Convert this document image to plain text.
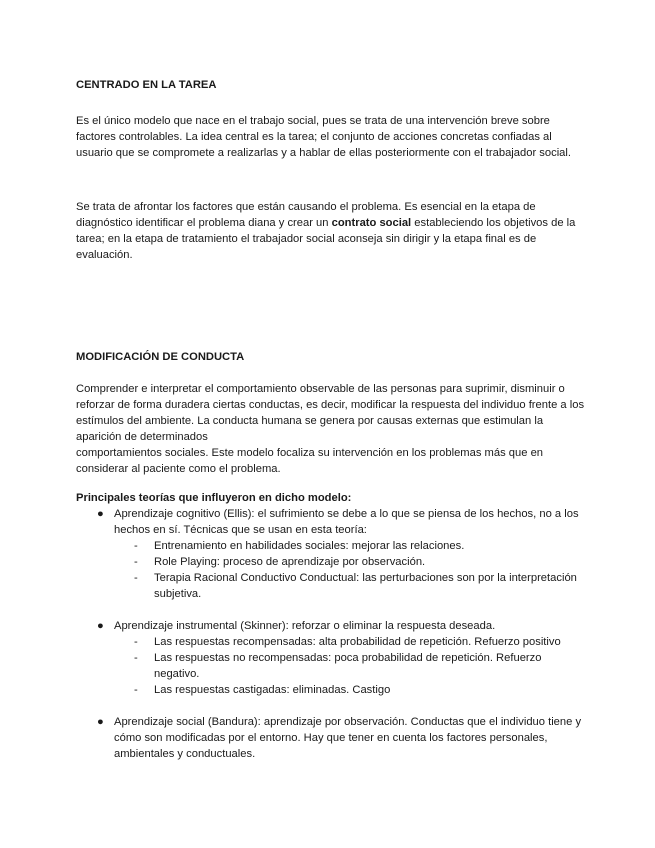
CENTRADO EN LA TAREA

Es el único modelo que nace en el trabajo social, pues se trata de una intervención breve sobre factores controlables. La idea central es la tarea; el conjunto de acciones concretas confiadas al usuario que se compromete a realizarlas y a hablar de ellas posteriormente con el trabajador social.

Se trata de afrontar los factores que están causando el problema. Es esencial en la etapa de diagnóstico identificar el problema diana y crear un contrato social estableciendo los objetivos de la tarea; en la etapa de tratamiento el trabajador social aconseja sin dirigir y la etapa final es de evaluación.

MODIFICACIÓN DE CONDUCTA

Comprender e interpretar el comportamiento observable de las personas para suprimir, disminuir o reforzar de forma duradera ciertas conductas, es decir, modificar la respuesta del individuo frente a los estímulos del ambiente. La conducta humana se genera por causas externas que estimulan la aparición de determinados

comportamientos sociales. Este modelo focaliza su intervención en los problemas más que en considerar al paciente como el problema.

Principales teorías que influyeron en dicho modelo:

● Aprendizaje cognitivo (Ellis): el sufrimiento se debe a lo que se piensa de los hechos, no a los hechos en sí. Técnicas que se usan en esta teoría:
- Entrenamiento en habilidades sociales: mejorar las relaciones.
- Role Playing: proceso de aprendizaje por observación.
- Terapia Racional Conductivo Conductual: las perturbaciones son por la interpretación subjetiva.
● Aprendizaje instrumental (Skinner): reforzar o eliminar la respuesta deseada.
- Las respuestas recompensadas: alta probabilidad de repetición. Refuerzo positivo
- Las respuestas no recompensadas: poca probabilidad de repetición. Refuerzo negativo.
- Las respuestas castigadas: eliminadas. Castigo
● Aprendizaje social (Bandura): aprendizaje por observación. Conductas que el individuo tiene y cómo son modificadas por el entorno. Hay que tener en cuenta los factores personales, ambientales y conductuales.
